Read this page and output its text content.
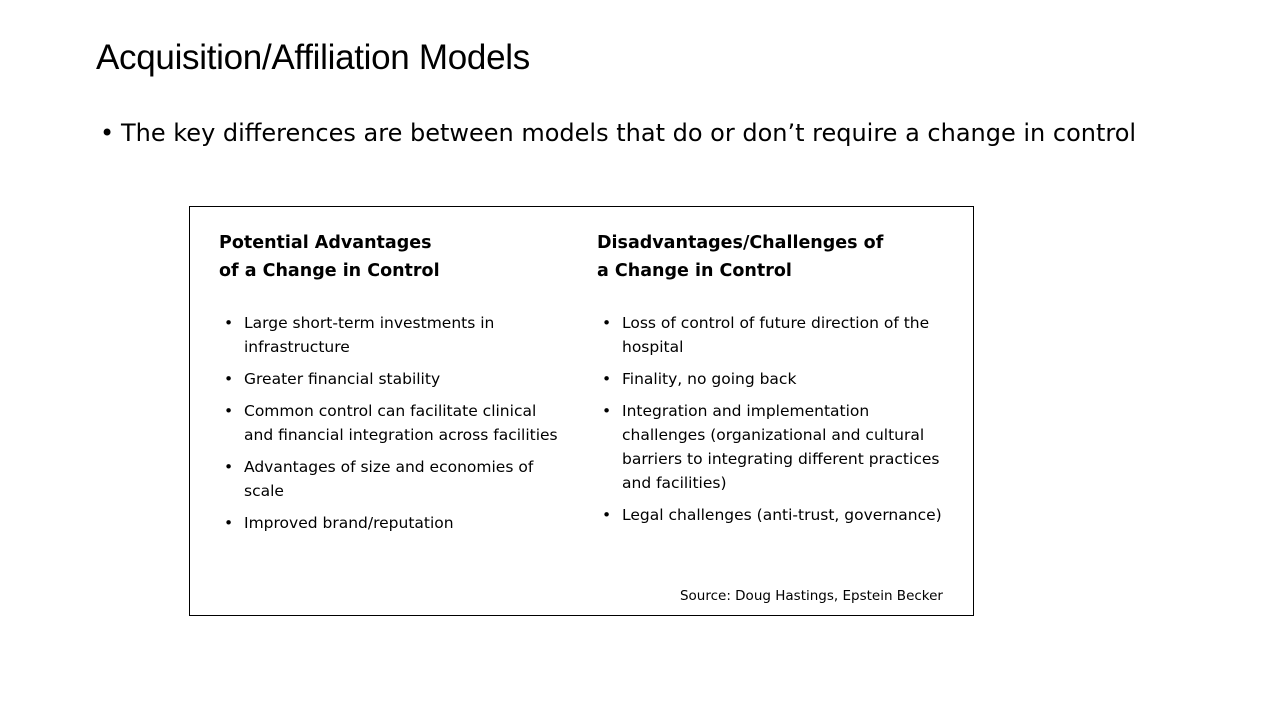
Acquisition/Affiliation Models
• The key differences are between models that do or don’t require a change in control

Potential Advantages
of a Change in Control

• Large short-term investments in infrastructure
• Greater financial stability
• Common control can facilitate clinical and financial integration across facilities
• Advantages of size and economies of scale
• Improved brand/reputation

Disadvantages/Challenges of
a Change in Control

• Loss of control of future direction of the hospital
• Finality, no going back
• Integration and implementation challenges (organizational and cultural barriers to integrating different practices and facilities)
• Legal challenges (anti-trust, governance)
Source: Doug Hastings, Epstein Becker
